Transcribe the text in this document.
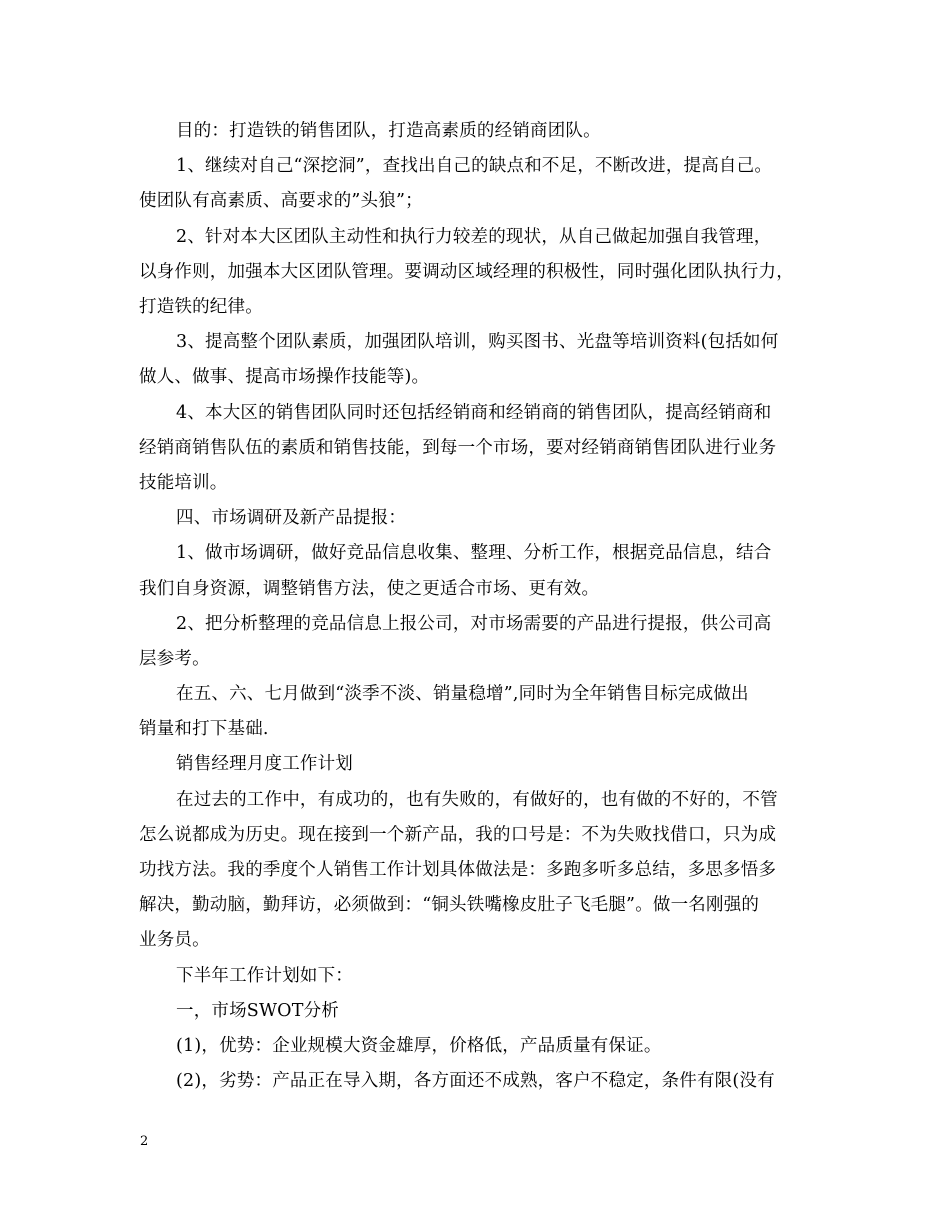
目的：打造铁的销售团队，打造高素质的经销商团队。
1、继续对自己“深挖洞”，查找出自己的缺点和不足，不断改进，提高自己。
使团队有高素质、高要求的”头狼”；
2、针对本大区团队主动性和执行力较差的现状，从自己做起加强自我管理，
以身作则，加强本大区团队管理。要调动区域经理的积极性，同时强化团队执行力，
打造铁的纪律。
3、提高整个团队素质，加强团队培训，购买图书、光盘等培训资料(包括如何
做人、做事、提高市场操作技能等)。
4、本大区的销售团队同时还包括经销商和经销商的销售团队，提高经销商和
经销商销售队伍的素质和销售技能，到每一个市场，要对经销商销售团队进行业务
技能培训。
四、市场调研及新产品提报：
1、做市场调研，做好竞品信息收集、整理、分析工作，根据竞品信息，结合
我们自身资源，调整销售方法，使之更适合市场、更有效。
2、把分析整理的竞品信息上报公司，对市场需要的产品进行提报，供公司高
层参考。
在五、六、七月做到“淡季不淡、销量稳增”,同时为全年销售目标完成做出
销量和打下基础.
销售经理月度工作计划
在过去的工作中，有成功的，也有失败的，有做好的，也有做的不好的，不管
怎么说都成为历史。现在接到一个新产品，我的口号是：不为失败找借口，只为成
功找方法。我的季度个人销售工作计划具体做法是：多跑多听多总结，多思多悟多
解决，勤动脑，勤拜访，必须做到：“铜头铁嘴橡皮肚子飞毛腿”。做一名刚强的
业务员。
下半年工作计划如下：
一，市场SWOT分析
(1)，优势：企业规模大资金雄厚，价格低，产品质量有保证。
(2)，劣势：产品正在导入期，各方面还不成熟，客户不稳定，条件有限(没有
2
